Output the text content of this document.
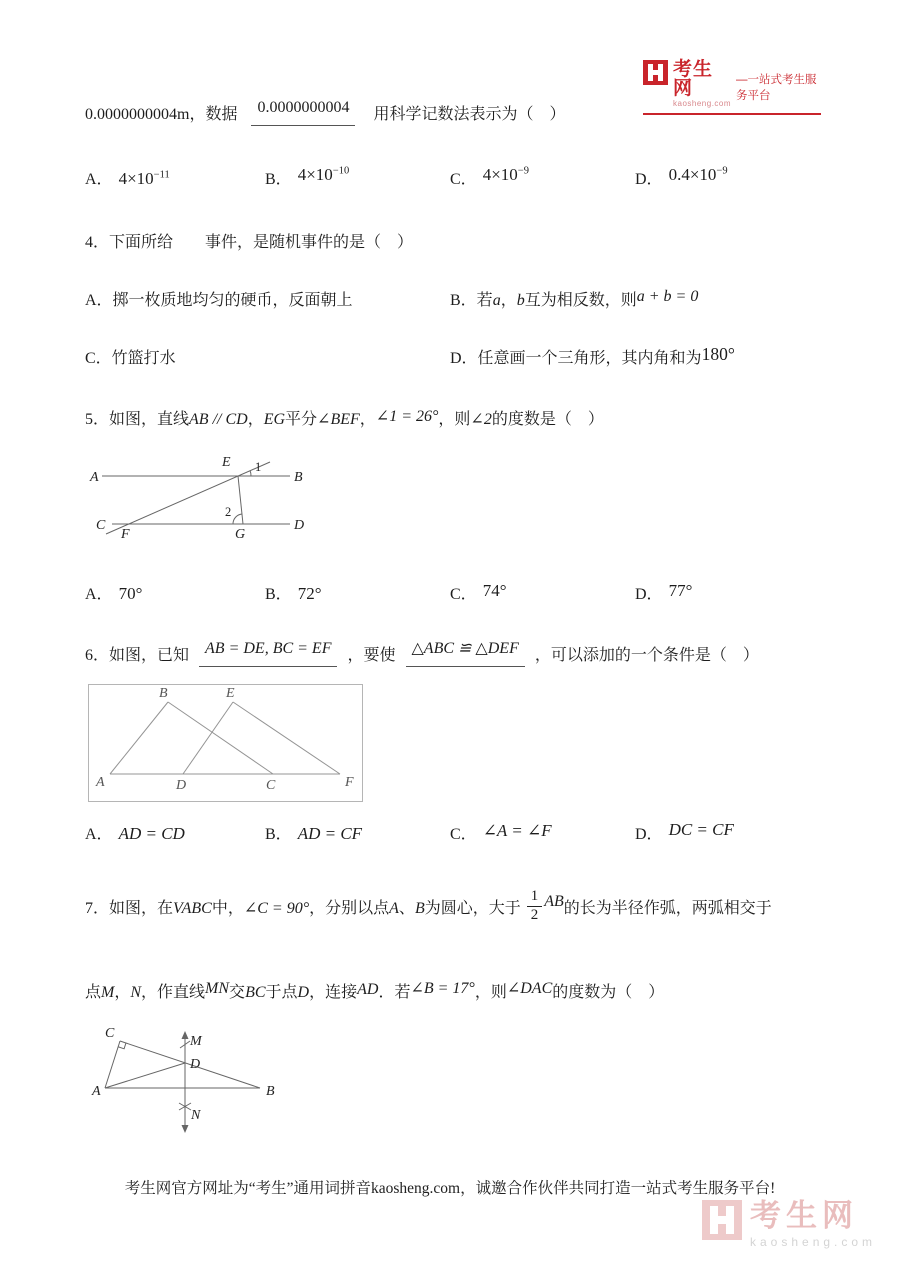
考生网
kaosheng.com
—一站式考生服务平台
0.0000000004m，数据 0.0000000004 用科学记数法表示为（　）
A． $4\times 10^{-11}$	B． $4\times 10^{-10}$
C． $4\times 10^{-9}$
D． $0.4\times 10^{-9}$
4．下面所给　　事件，是随机事件的是（　）
A．掷一枚质地均匀的硬币，反面朝上	B．若a，b互为相反数，则a + b = 0
C．竹篮打水	D．任意画一个三角形，其内角和为180°
5．如图，直线AB // CD，EG平分∠BEF，∠1 = 26°，则∠2的度数是（　）
A	B
E 1
C	D
F	G
2
A． 70°	B． 72°	C． 74°	D． 77°
6．如图，已知 AB = DE, BC = EF ，要使 △ABC ≌ △DEF ，可以添加的一个条件是（　）
B	E
A	D	C	F
A． AD = CD	B． AD = CF	C． ∠A = ∠F	D． DC = CF
7．如图，在VABC中，∠C = 90°，分别以点A、B为圆心，大于 $\frac{1}{2}$ AB的长为半径作弧，两弧相交于
点M，N，作直线MN交BC于点D，连接AD．若∠B = 17°，则∠DAC的度数为（　）
C
M
D
A	B
N
考生网官方网址为“考生”通用词拼音kaosheng.com，诚邀合作伙伴共同打造一站式考生服务平台!
考生网
kaosheng.com
